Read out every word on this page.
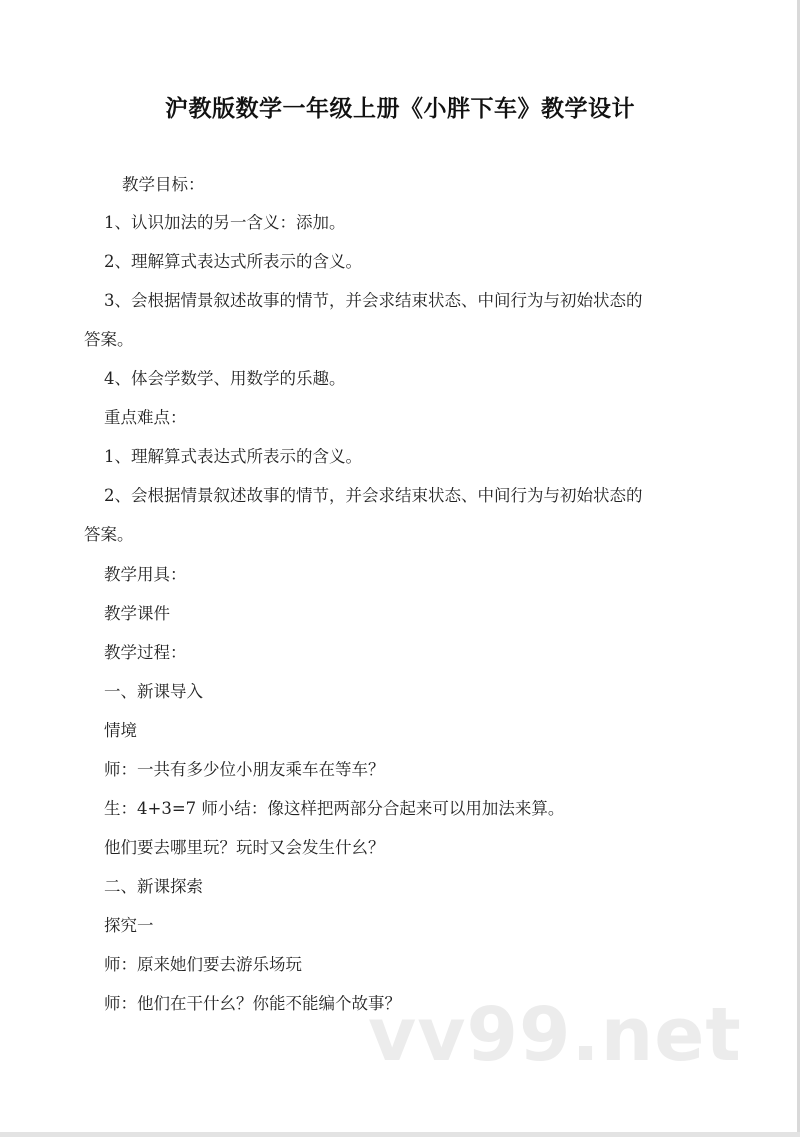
沪教版数学一年级上册《小胖下车》教学设计
教学目标：
1、认识加法的另一含义：添加。
2、理解算式表达式所表示的含义。
3、会根据情景叙述故事的情节，并会求结束状态、中间行为与初始状态的
答案。
4、体会学数学、用数学的乐趣。
重点难点：
1、理解算式表达式所表示的含义。
2、会根据情景叙述故事的情节，并会求结束状态、中间行为与初始状态的
答案。
教学用具：
教学课件
教学过程：
一、新课导入
情境
师：一共有多少位小朋友乘车在等车？
生：4+3=7 师小结：像这样把两部分合起来可以用加法来算。
他们要去哪里玩？玩时又会发生什幺？
二、新课探索
探究一
师：原来她们要去游乐场玩
师：他们在干什幺？你能不能编个故事？
vv99.net
